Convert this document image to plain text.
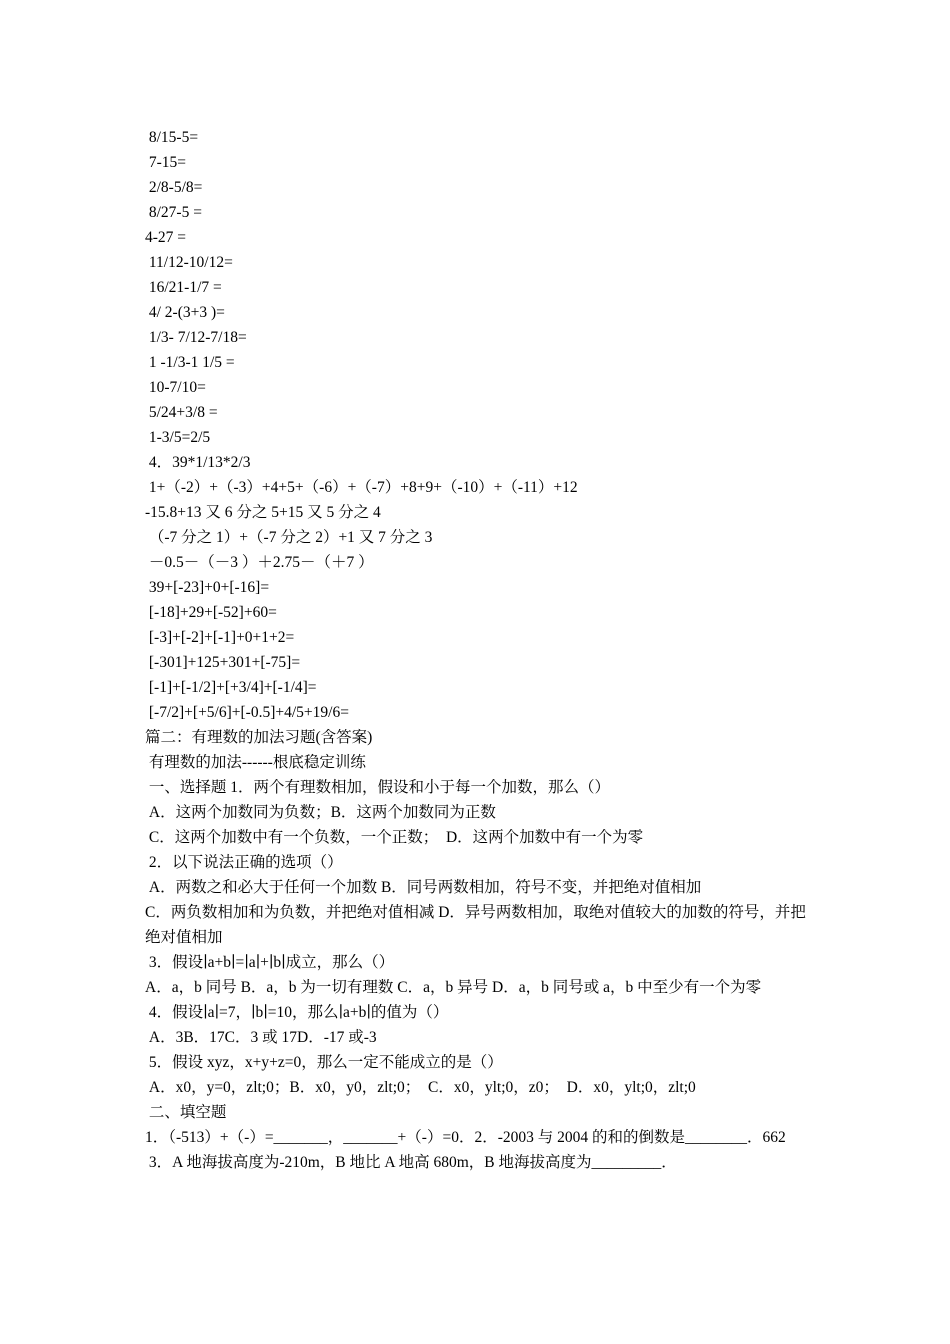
8/15-5=

7-15=

2/8-5/8=

8/27-5 =

4-27 =

11/12-10/12=

16/21-1/7 =

4/ 2-(3+3 )=

1/3- 7/12-7/18=

1 -1/3-1 1/5 =

10-7/10=

5/24+3/8 =

1-3/5=2/5

4．39*1/13*2/3

1+（-2）+（-3）+4+5+（-6）+（-7）+8+9+（-10）+（-11）+12

-15.8+13 又 6 分之 5+15 又 5 分之 4

（-7 分之 1）+（-7 分之 2）+1 又 7 分之 3

－0.5－（－3 ）＋2.75－（＋7 ）

39+[-23]+0+[-16]=

[-18]+29+[-52]+60=

[-3]+[-2]+[-1]+0+1+2=

[-301]+125+301+[-75]=

[-1]+[-1/2]+[+3/4]+[-1/4]=

[-7/2]+[+5/6]+[-0.5]+4/5+19/6=

篇二：有理数的加法习题(含答案)

有理数的加法------根底稳定训练

一、选择题 1．两个有理数相加，假设和小于每一个加数，那么（）

A．这两个加数同为负数；B．这两个加数同为正数

C．这两个加数中有一个负数，一个正数；  D．这两个加数中有一个为零

2．以下说法正确的选项（）

A．两数之和必大于任何一个加数 B．同号两数相加，符号不变，并把绝对值相加

C．两负数相加和为负数，并把绝对值相减 D．异号两数相加，取绝对值较大的加数的符号，并把绝对值相加

3．假设∣a+b∣=∣a∣+∣b∣成立，那么（）

A．a，b 同号 B．a，b 为一切有理数 C．a，b 异号 D．a，b 同号或 a，b 中至少有一个为零

4．假设∣a∣=7，∣b∣=10，那么∣a+b∣的值为（）

A．3B．17C．3 或 17D．-17 或-3

5．假设 xyz，x+y+z=0，那么一定不能成立的是（）

A．x0，y=0，zlt;0；B．x0，y0，zlt;0；  C．x0，ylt;0，z0；  D．x0，ylt;0，zlt;0

二、填空题

1．（-513）+（-）=_______，_______+（-）=0．2．-2003 与 2004 的和的倒数是________．662

3．A 地海拔高度为-210m，B 地比 A 地高 680m，B 地海拔高度为_________．
